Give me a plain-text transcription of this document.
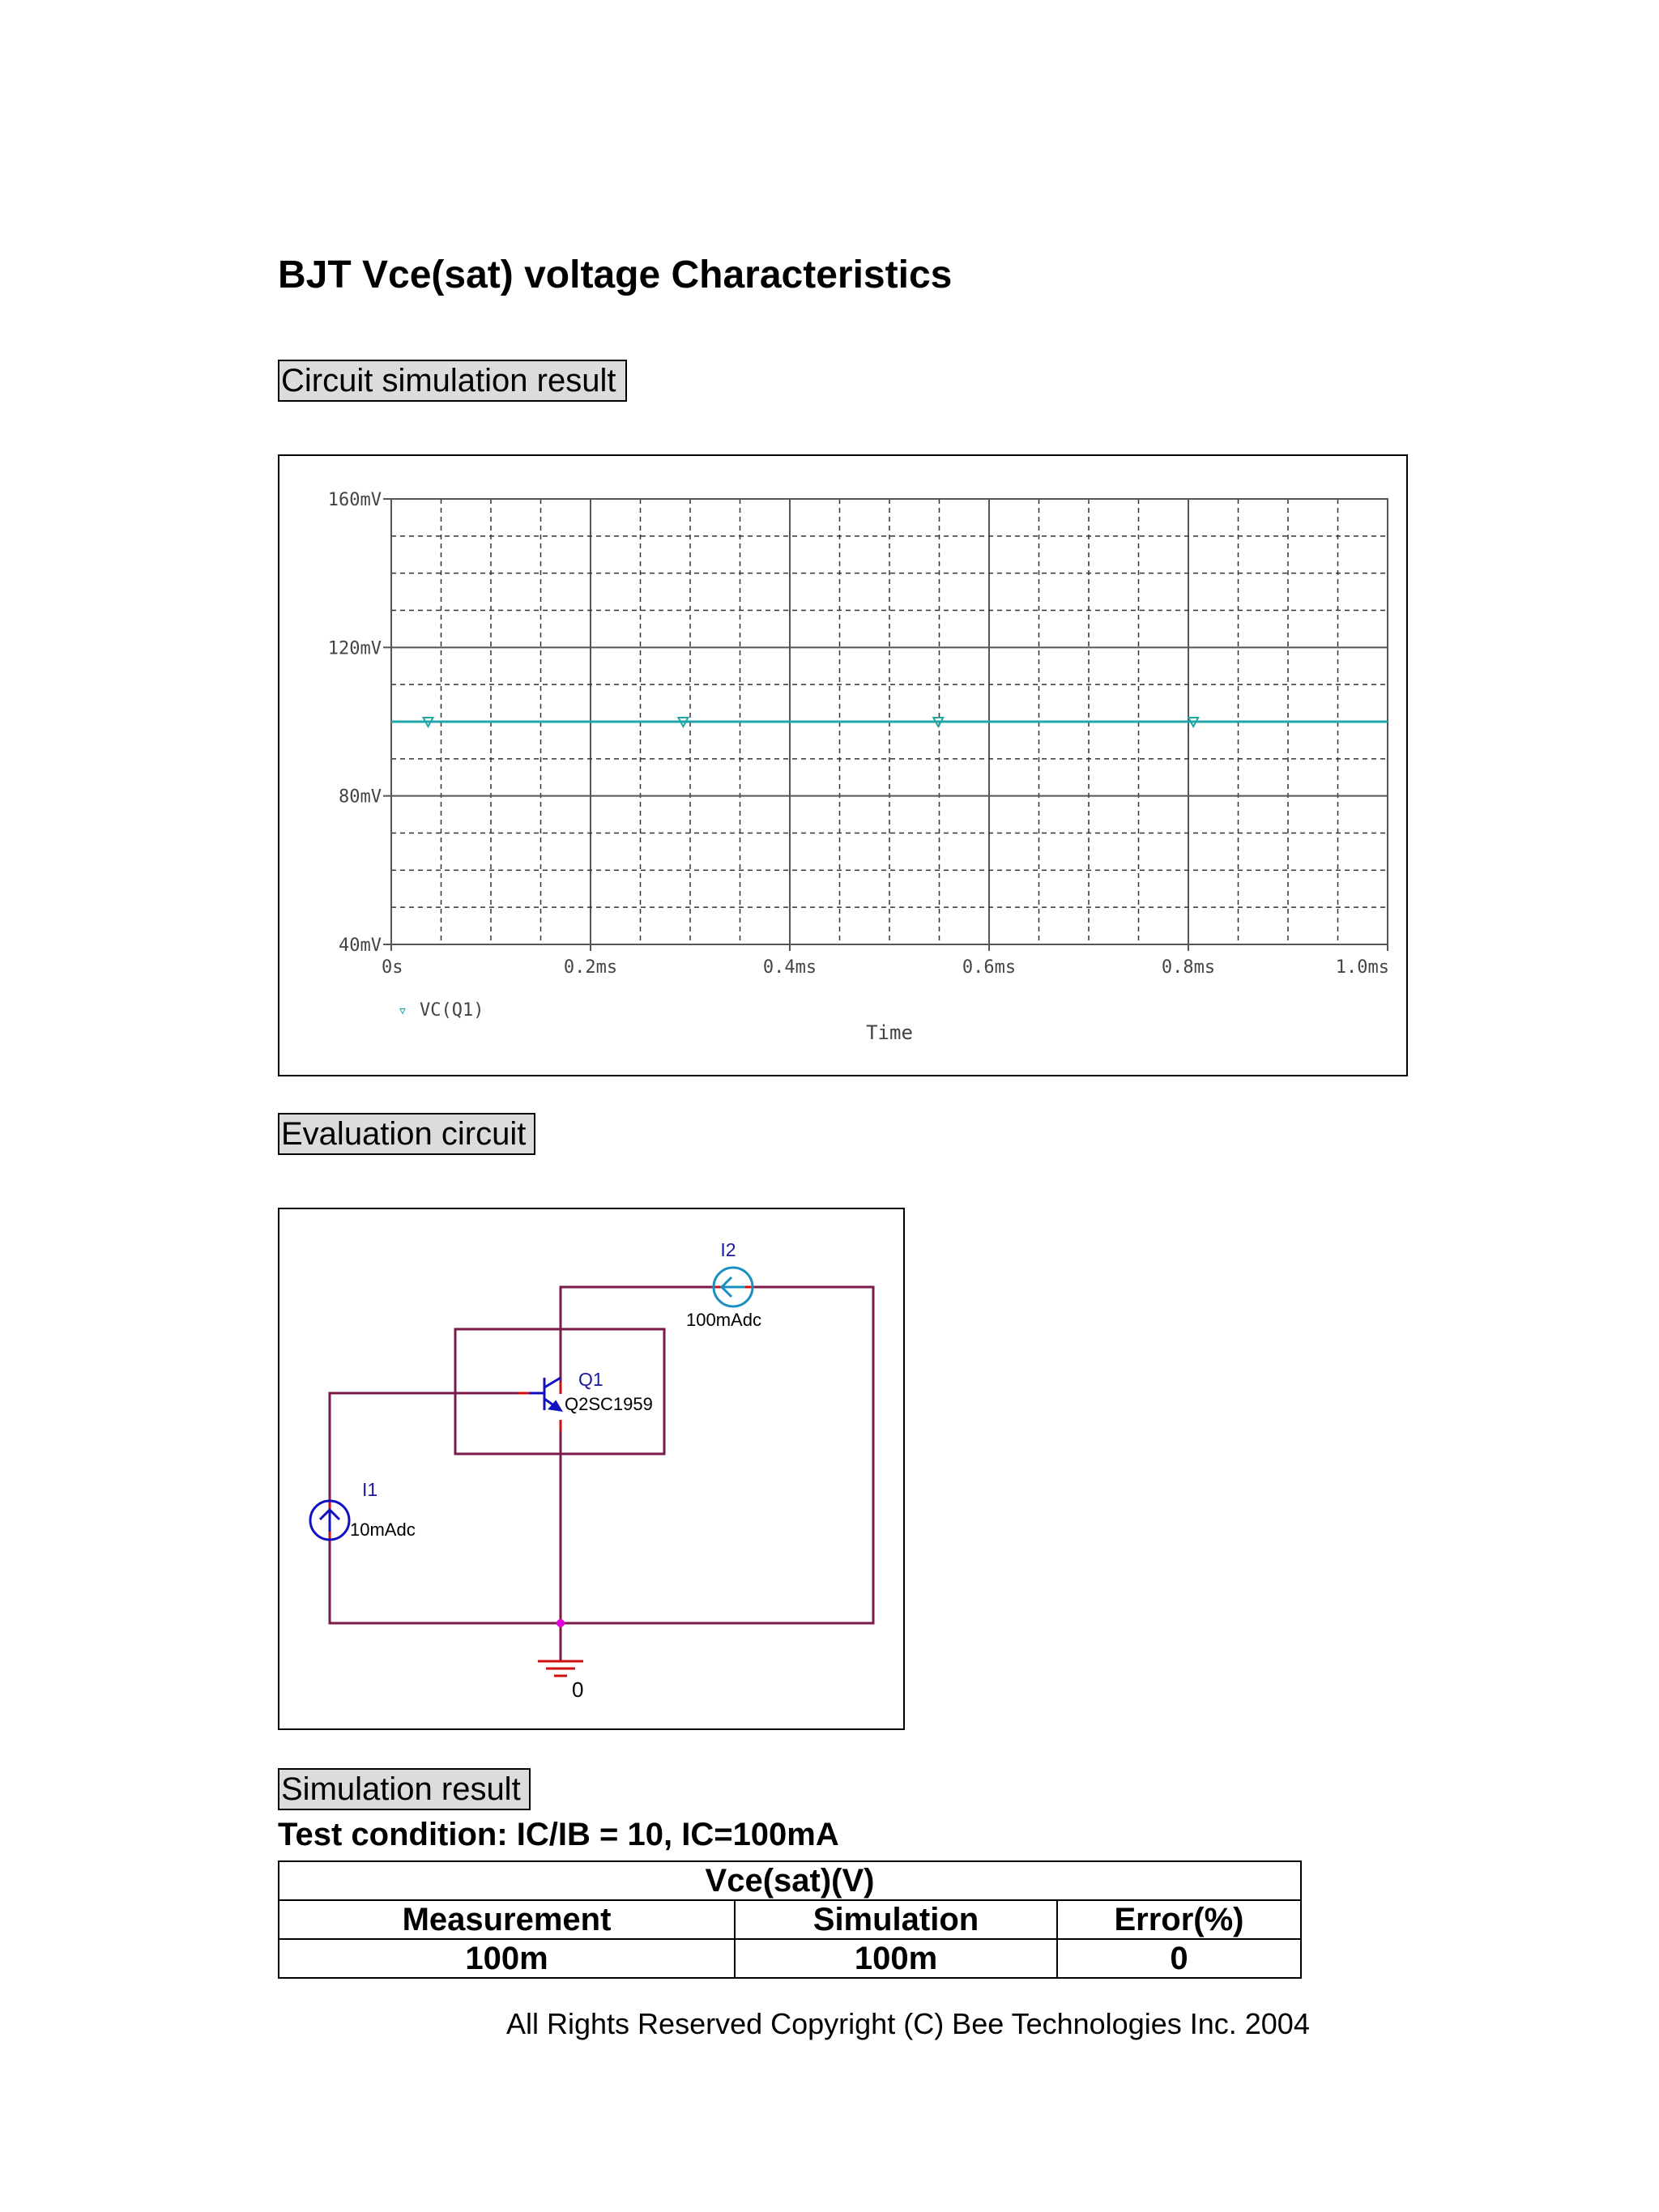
BJT Vce(sat) voltage Characteristics
Circuit simulation result
40mV
80mV
120mV
160mV
0s	0.2ms	0.4ms	0.6ms	0.8ms	1.0ms
▿ VC(Q1)
Time
Evaluation circuit
I2
100mAdc
Q1
Q2SC1959
I1
10mAdc
0
Simulation result
Test condition: IC/IB = 10, IC=100mA
Vce(sat)(V)		
Measurement	Simulation	Error(%)
100m	100m	0
All Rights Reserved Copyright (C) Bee Technologies Inc. 2004
